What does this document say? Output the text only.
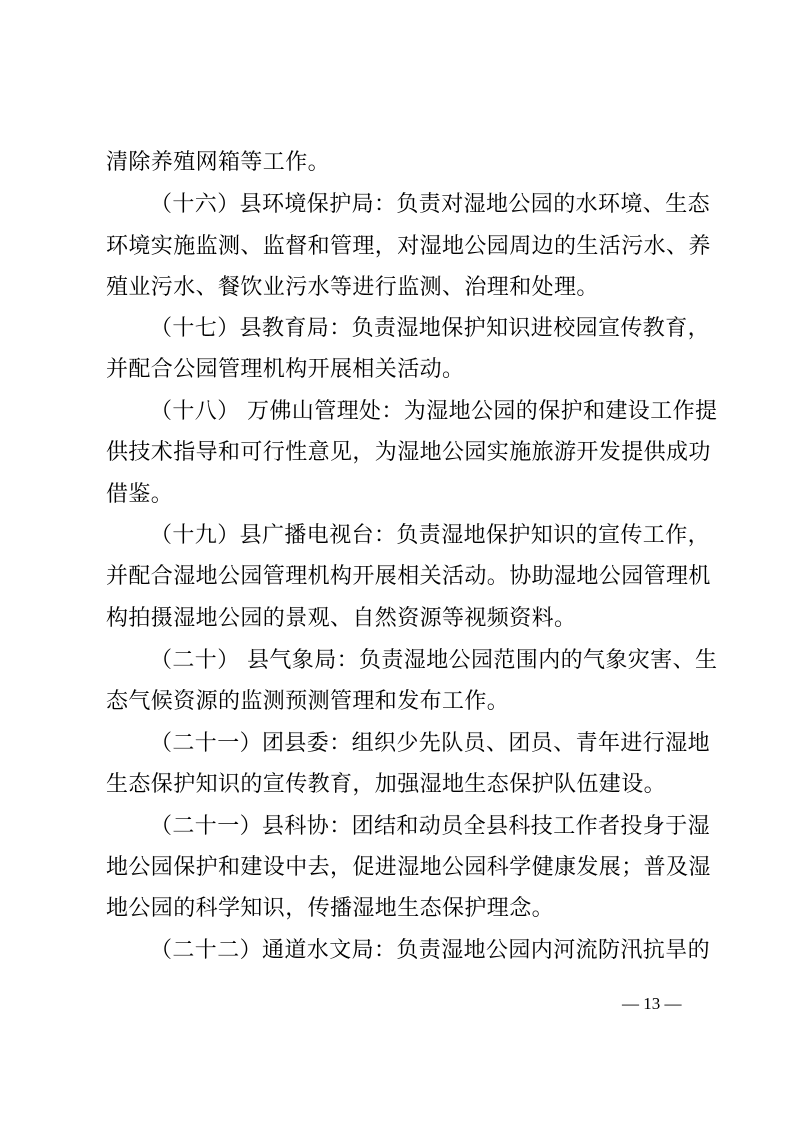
清除养殖网箱等工作。
（十六）县环境保护局：负责对湿地公园的水环境、生态
环境实施监测、监督和管理，对湿地公园周边的生活污水、养
殖业污水、餐饮业污水等进行监测、治理和处理。
（十七）县教育局：负责湿地保护知识进校园宣传教育，
并配合公园管理机构开展相关活动。
（十八） 万佛山管理处：为湿地公园的保护和建设工作提
供技术指导和可行性意见，为湿地公园实施旅游开发提供成功
借鉴。
（十九）县广播电视台：负责湿地保护知识的宣传工作，
并配合湿地公园管理机构开展相关活动。协助湿地公园管理机
构拍摄湿地公园的景观、自然资源等视频资料。
（二十） 县气象局：负责湿地公园范围内的气象灾害、生
态气候资源的监测预测管理和发布工作。
（二十一）团县委：组织少先队员、团员、青年进行湿地
生态保护知识的宣传教育，加强湿地生态保护队伍建设。
（二十一）县科协：团结和动员全县科技工作者投身于湿
地公园保护和建设中去，促进湿地公园科学健康发展；普及湿
地公园的科学知识，传播湿地生态保护理念。
（二十二）通道水文局：负责湿地公园内河流防汛抗旱的
— 13 —
